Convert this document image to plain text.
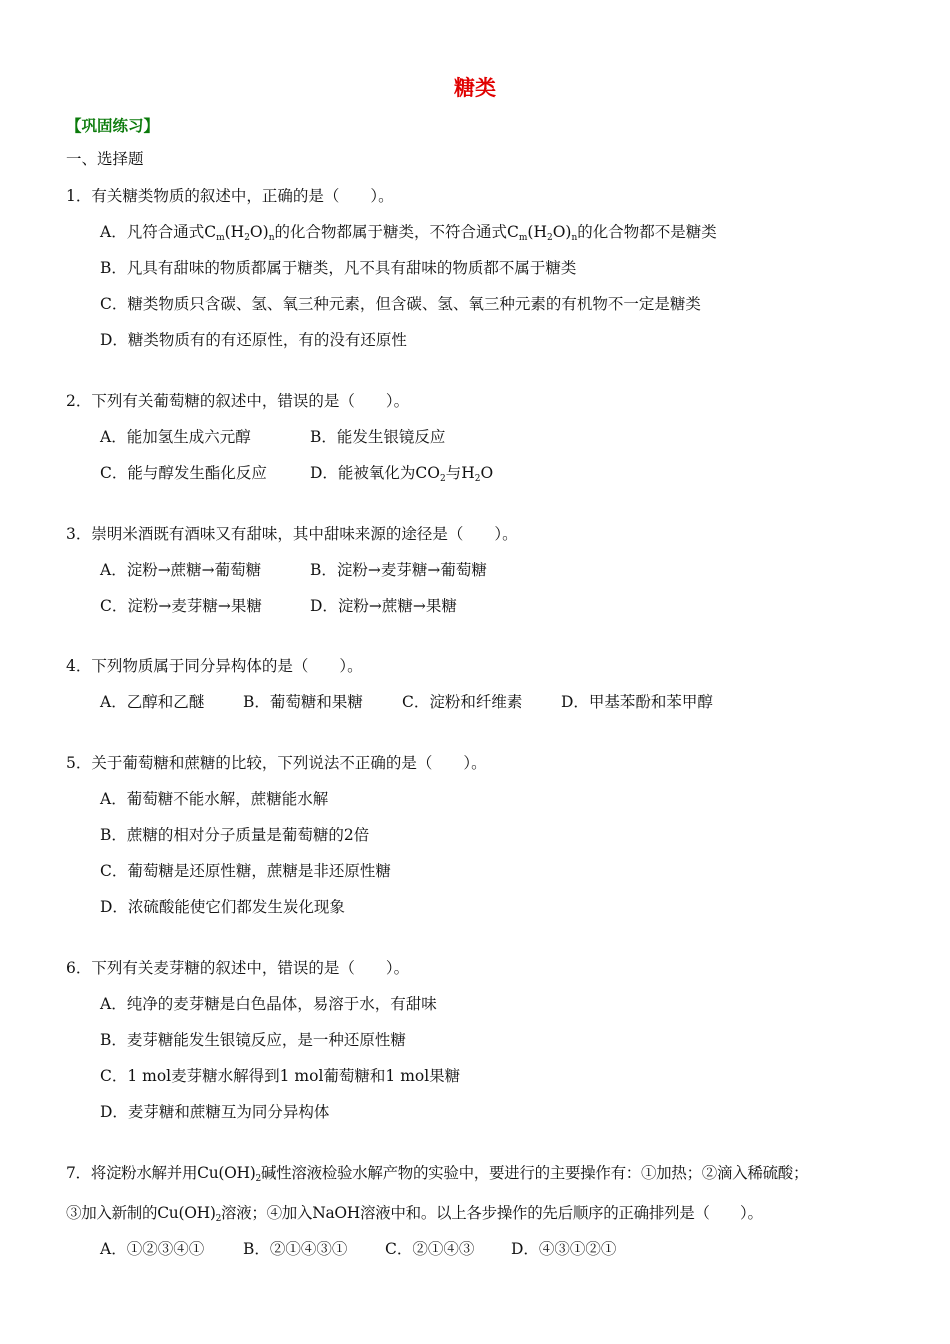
糖类
【巩固练习】
一、选择题
1．有关糖类物质的叙述中，正确的是（　　）。
A．凡符合通式$C_m(H_2O)_n$的化合物都属于糖类，不符合通式$C_m(H_2O)_n$的化合物都不是糖类
B．凡具有甜味的物质都属于糖类，凡不具有甜味的物质都不属于糖类
C．糖类物质只含碳、氢、氧三种元素，但含碳、氢、氧三种元素的有机物不一定是糖类
D．糖类物质有的有还原性，有的没有还原性
2．下列有关葡萄糖的叙述中，错误的是（　　）。
A．能加氢生成六元醇	B．能发生银镜反应
C．能与醇发生酯化反应	D．能被氧化为$CO_2$与$H_2O$
3．崇明米酒既有酒味又有甜味，其中甜味来源的途径是（　　）。
A．淀粉→蔗糖→葡萄糖	B．淀粉→麦芽糖→葡萄糖
C．淀粉→麦芽糖→果糖	D．淀粉→蔗糖→果糖
4．下列物质属于同分异构体的是（　　）。
A．乙醇和乙醚	B．葡萄糖和果糖	C．淀粉和纤维素 D．甲基苯酚和苯甲醇
5．关于葡萄糖和蔗糖的比较，下列说法不正确的是（　　）。
A．葡萄糖不能水解，蔗糖能水解
B．蔗糖的相对分子质量是葡萄糖的2倍
C．葡萄糖是还原性糖，蔗糖是非还原性糖
D．浓硫酸能使它们都发生炭化现象
6．下列有关麦芽糖的叙述中，错误的是（　　）。
A．纯净的麦芽糖是白色晶体，易溶于水，有甜味
B．麦芽糖能发生银镜反应，是一种还原性糖
C．1 mol麦芽糖水解得到1 mol葡萄糖和1 mol果糖
D．麦芽糖和蔗糖互为同分异构体
7．将淀粉水解并用$Cu(OH)_2$碱性溶液检验水解产物的实验中，要进行的主要操作有：①加热；②滴入稀硫酸；
③加入新制的$Cu(OH)_2$溶液；④加入NaOH溶液中和。以上各步操作的先后顺序的正确排列是（　　）。
A．①②③④①	B．②①④③① C．②①④③ D．④③①②①
